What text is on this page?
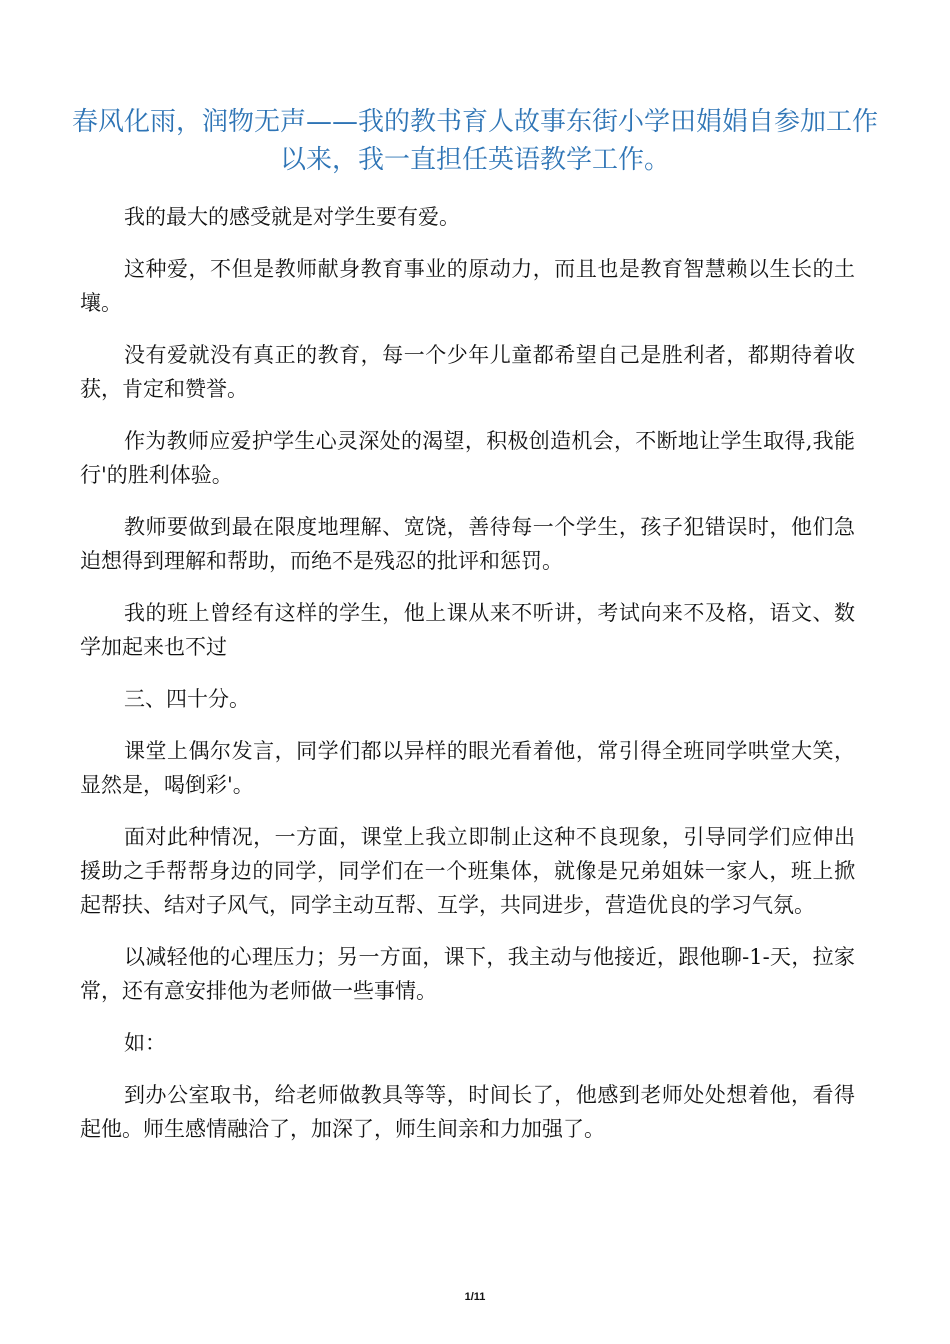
春风化雨，润物无声——我的教书育人故事东街小学田娟娟自参加工作以来，我一直担任英语教学工作。

我的最大的感受就是对学生要有爱。

这种爱，不但是教师献身教育事业的原动力，而且也是教育智慧赖以生长的土壤。

没有爱就没有真正的教育，每一个少年儿童都希望自己是胜利者，都期待着收获，肯定和赞誉。

作为教师应爱护学生心灵深处的渴望，积极创造机会，不断地让学生取得,我能行'的胜利体验。

教师要做到最在限度地理解、宽饶，善待每一个学生，孩子犯错误时，他们急迫想得到理解和帮助，而绝不是残忍的批评和惩罚。

我的班上曾经有这样的学生，他上课从来不听讲，考试向来不及格，语文、数学加起来也不过

三、四十分。

课堂上偶尔发言，同学们都以异样的眼光看着他，常引得全班同学哄堂大笑，显然是，喝倒彩'。

面对此种情况，一方面，课堂上我立即制止这种不良现象，引导同学们应伸出援助之手帮帮身边的同学，同学们在一个班集体，就像是兄弟姐妹一家人，班上掀起帮扶、结对子风气，同学主动互帮、互学，共同进步，营造优良的学习气氛。

以减轻他的心理压力；另一方面，课下，我主动与他接近，跟他聊-1-天，拉家常，还有意安排他为老师做一些事情。

如：

到办公室取书，给老师做教具等等，时间长了，他感到老师处处想着他，看得起他。师生感情融洽了，加深了，师生间亲和力加强了。

1/11
